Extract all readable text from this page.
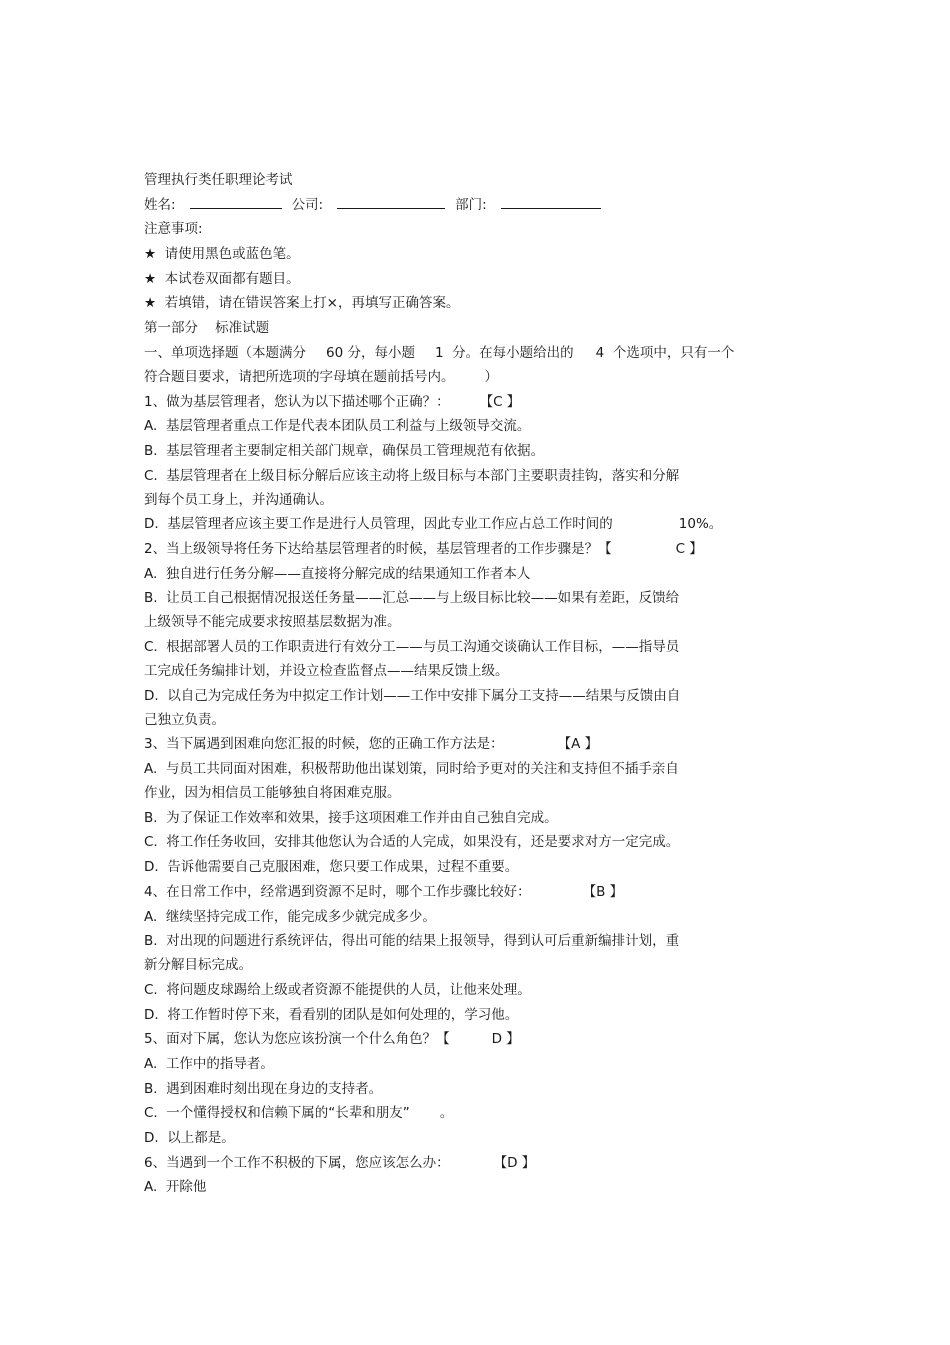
管理执行类任职理论考试
姓名:	公司:	部门:
注意事项:
★  请使用黑色或蓝色笔。
★  本试卷双面都有题目。
★  若填错，请在错误答案上打×，再填写正确答案。
第一部分    标准试题
一、单项选择题（本题满分 60 分，每小题 1  分。在每小题给出的 4  个选项中，只有一个
符合题目要求，请把所选项的字母填在题前括号内。 ）
1、做为基层管理者，您认为以下描述哪个正确？： 【C 】
A.  基层管理者重点工作是代表本团队员工利益与上级领导交流。
B.  基层管理者主要制定相关部门规章，确保员工管理规范有依据。
C.  基层管理者在上级目标分解后应该主动将上级目标与本部门主要职责挂钩，落实和分解
到每个员工身上，并沟通确认。
D.  基层管理者应该主要工作是进行人员管理，因此专业工作应占总工作时间的	10%。
2、当上级领导将任务下达给基层管理者的时候，基层管理者的工作步骤是？【	C 】
A.  独自进行任务分解——直接将分解完成的结果通知工作者本人
B.  让员工自己根据情况报送任务量——汇总——与上级目标比较——如果有差距，反馈给
上级领导不能完成要求按照基层数据为准。
C.  根据部署人员的工作职责进行有效分工——与员工沟通交谈确认工作目标，——指导员
工完成任务编排计划，并设立检查监督点——结果反馈上级。
D.  以自己为完成任务为中拟定工作计划——工作中安排下属分工支持——结果与反馈由自
己独立负责。
3、当下属遇到困难向您汇报的时候，您的正确工作方法是：	【A 】
A.  与员工共同面对困难，积极帮助他出谋划策，同时给予更对的关注和支持但不插手亲自
作业，因为相信员工能够独自将困难克服。
B.  为了保证工作效率和效果，接手这项困难工作并由自己独自完成。
C.  将工作任务收回，安排其他您认为合适的人完成，如果没有，还是要求对方一定完成。
D.  告诉他需要自己克服困难，您只要工作成果，过程不重要。
4、在日常工作中，经常遇到资源不足时，哪个工作步骤比较好：	【B 】
A.  继续坚持完成工作，能完成多少就完成多少。
B.  对出现的问题进行系统评估，得出可能的结果上报领导，得到认可后重新编排计划，重
新分解目标完成。
C.  将问题皮球踢给上级或者资源不能提供的人员，让他来处理。
D.  将工作暂时停下来，看看别的团队是如何处理的，学习他。
5、面对下属，您认为您应该扮演一个什么角色？【	D 】
A.  工作中的指导者。
B.  遇到困难时刻出现在身边的支持者。
C.  一个懂得授权和信赖下属的“长辈和朋友” 。
D.  以上都是。
6、当遇到一个工作不积极的下属，您应该怎么办：	【D 】
A.  开除他
